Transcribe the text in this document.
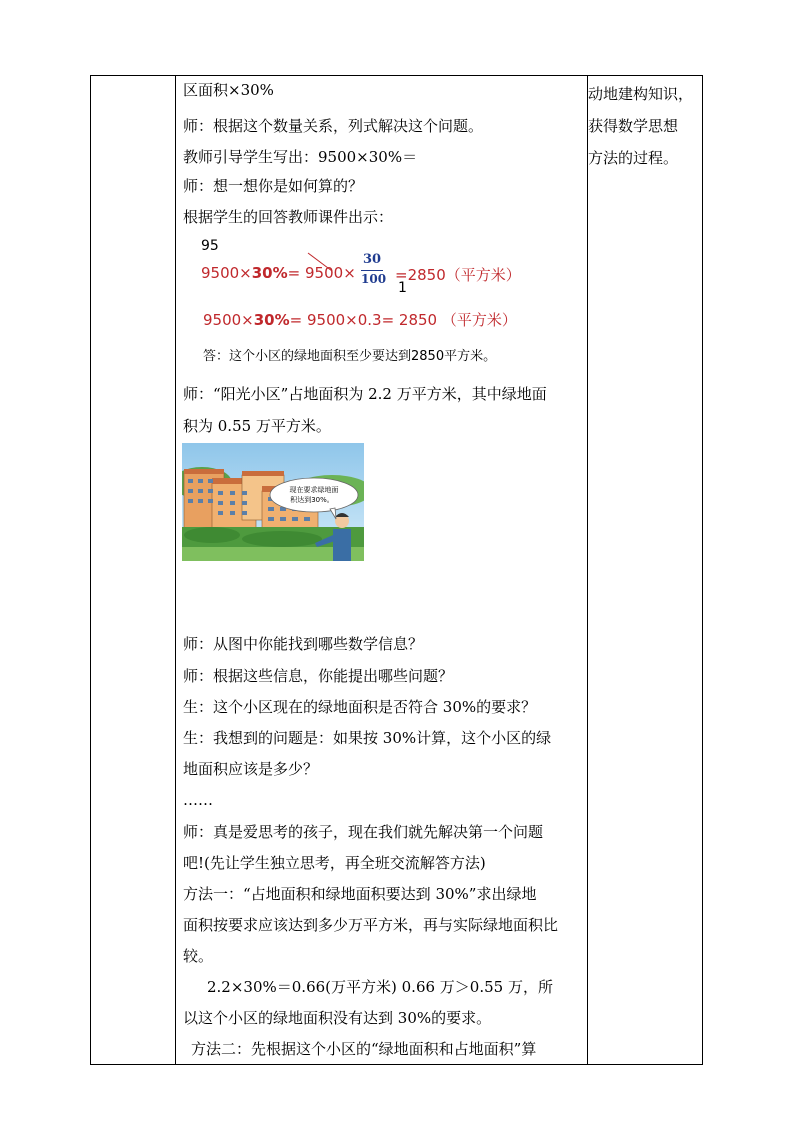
动地建构知识，
获得数学思想
方法的过程。
区面积×30%
师：根据这个数量关系，列式解决这个问题。
教师引导学生写出：9500×30%＝
师：想一想你是如何算的？
根据学生的回答教师课件出示：
95
9500×30%= 9500×
30
100 =2850（平方米）
1
9500×30%= 9500×0.3= 2850 （平方米）
答：这个小区的绿地面积至少要达到2850平方米。
师：“阳光小区”占地面积为 2.2 万平方米，其中绿地面
积为 0.55 万平方米。
师：从图中你能找到哪些数学信息？
师：根据这些信息，你能提出哪些问题？
生：这个小区现在的绿地面积是否符合 30%的要求？
生：我想到的问题是：如果按 30%计算，这个小区的绿
地面积应该是多少？
……
师：真是爱思考的孩子，现在我们就先解决第一个问题
吧!(先让学生独立思考，再全班交流解答方法)
方法一：“占地面积和绿地面积要达到 30%”求出绿地
面积按要求应该达到多少万平方米，再与实际绿地面积比
较。
2.2×30%＝0.66(万平方米) 0.66 万＞0.55 万，所
以这个小区的绿地面积没有达到 30%的要求。
方法二：先根据这个小区的“绿地面积和占地面积”算
现在要求绿地面
积达到30%。
